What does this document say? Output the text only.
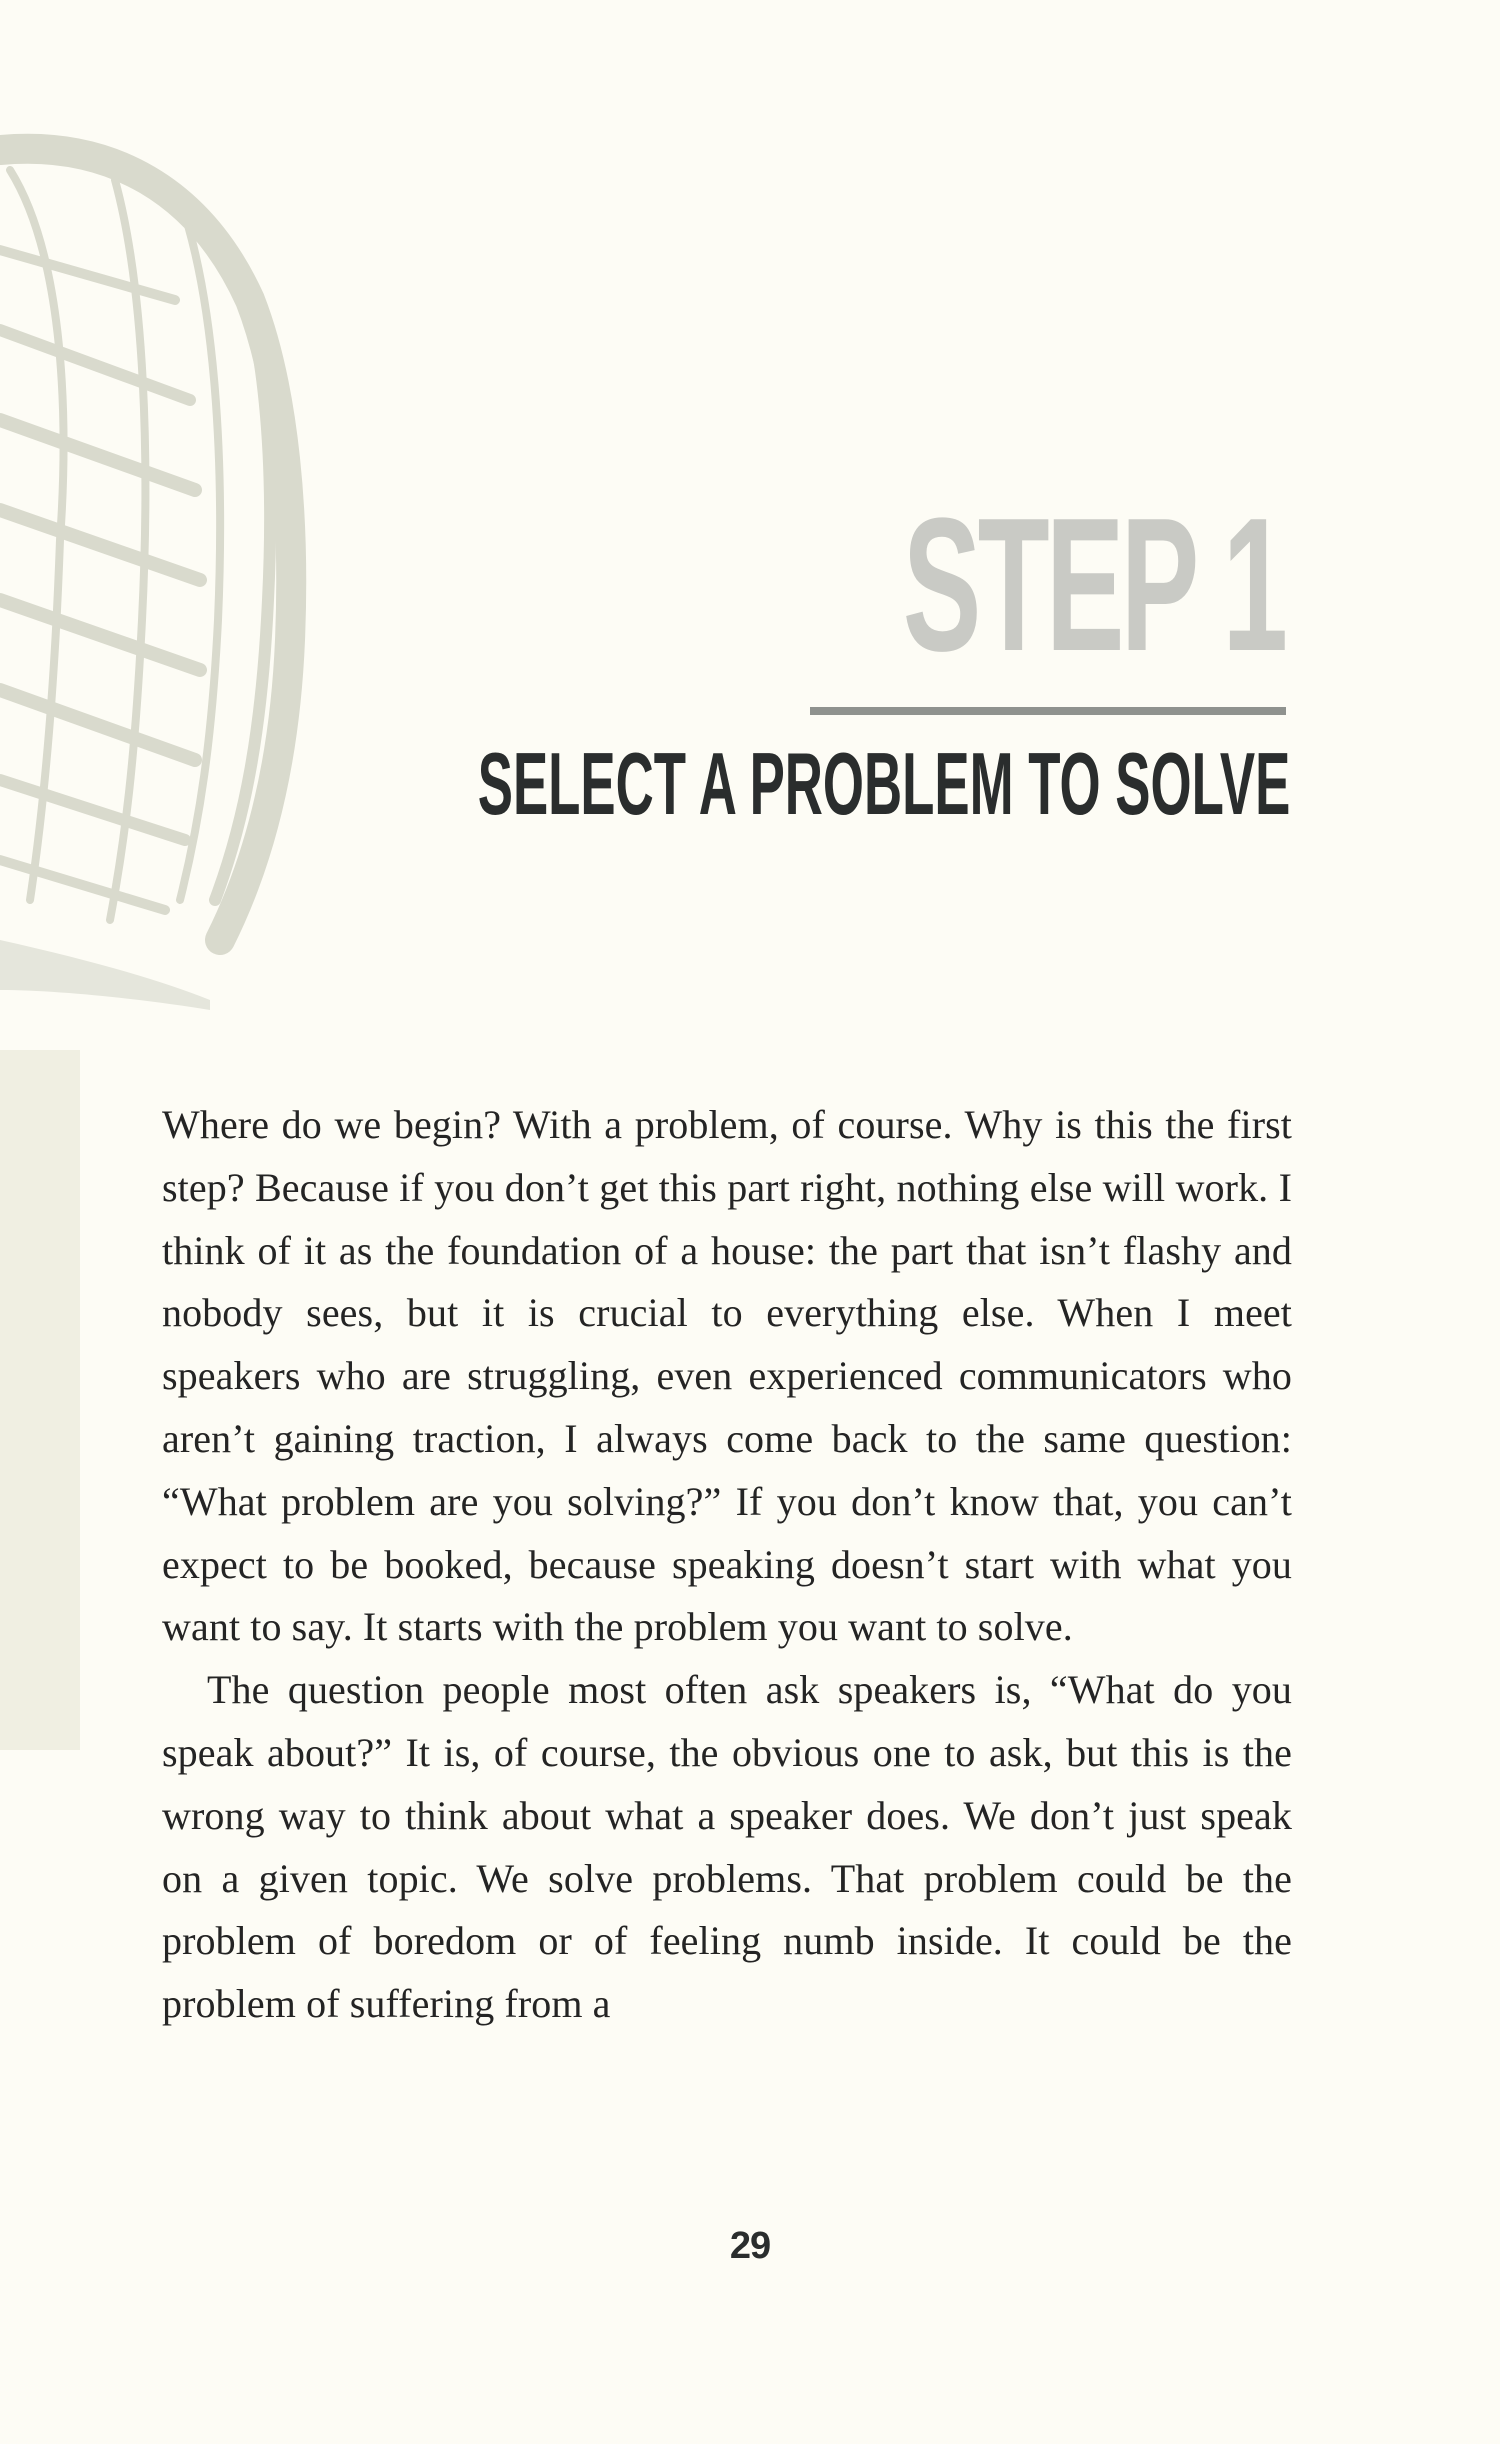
STEP 1
SELECT A PROBLEM TO SOLVE

Where do we begin? With a problem, of course. Why is this the first step? Because if you don’t get this part right, nothing else will work. I think of it as the foundation of a house: the part that isn’t flashy and nobody sees, but it is crucial to everything else. When I meet speakers who are struggling, even experienced communicators who aren’t gaining traction, I always come back to the same question: “What problem are you solving?” If you don’t know that, you can’t expect to be booked, because speaking doesn’t start with what you want to say. It starts with the problem you want to solve.

The question people most often ask speakers is, “What do you speak about?” It is, of course, the obvious one to ask, but this is the wrong way to think about what a speaker does. We don’t just speak on a given topic. We solve problems. That problem could be the problem of boredom or of feeling numb inside. It could be the problem of suffering from a

29
